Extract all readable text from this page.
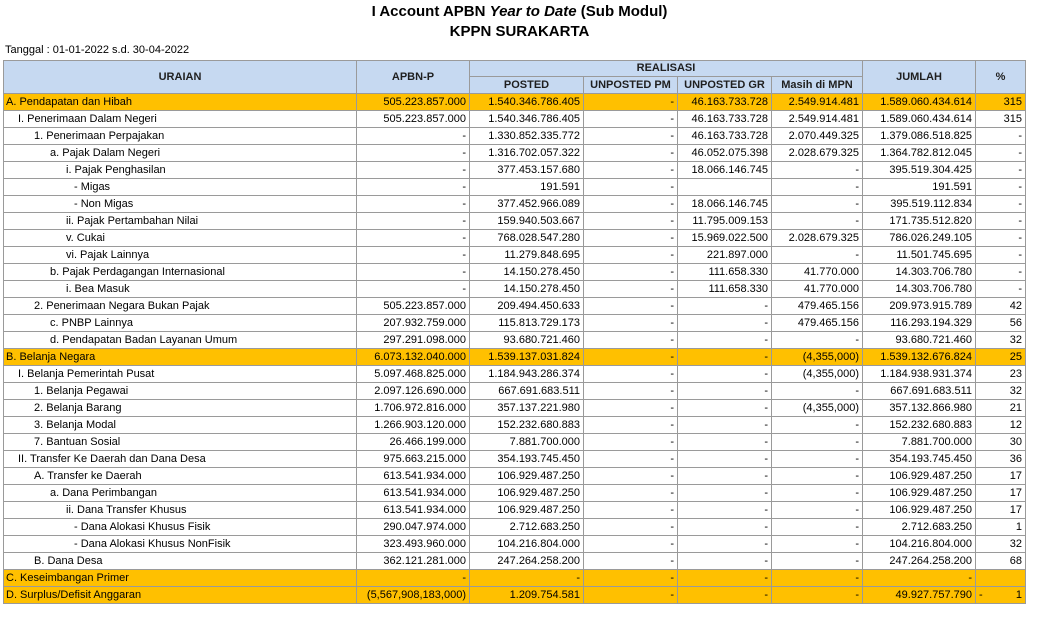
I Account APBN Year to Date (Sub Modul)
KPPN SURAKARTA
Tanggal : 01-01-2022 s.d. 30-04-2022
URAIAN	APBN-P	REALISASI				JUMLAH	%
		POSTED	UNPOSTED PM	UNPOSTED GR	Masih di MPN		
A. Pendapatan dan Hibah	505.223.857.000	1.540.346.786.405	-	46.163.733.728	2.549.914.481	1.589.060.434.614	315
I. Penerimaan Dalam Negeri	505.223.857.000	1.540.346.786.405	-	46.163.733.728	2.549.914.481	1.589.060.434.614	315
1. Penerimaan Perpajakan	-	1.330.852.335.772	-	46.163.733.728	2.070.449.325	1.379.086.518.825	-
a. Pajak Dalam Negeri	-	1.316.702.057.322	-	46.052.075.398	2.028.679.325	1.364.782.812.045	-
i. Pajak Penghasilan	-	377.453.157.680	-	18.066.146.745	-	395.519.304.425	-
- Migas	-	191.591	-		-	191.591	-
- Non Migas	-	377.452.966.089	-	18.066.146.745	-	395.519.112.834	-
ii. Pajak Pertambahan Nilai	-	159.940.503.667	-	11.795.009.153	-	171.735.512.820	-
v. Cukai	-	768.028.547.280	-	15.969.022.500	2.028.679.325	786.026.249.105	-
vi. Pajak Lainnya	-	11.279.848.695	-	221.897.000	-	11.501.745.695	-
b. Pajak Perdagangan Internasional	-	14.150.278.450	-	111.658.330	41.770.000	14.303.706.780	-
i. Bea Masuk	-	14.150.278.450	-	111.658.330	41.770.000	14.303.706.780	-
2. Penerimaan Negara Bukan Pajak	505.223.857.000	209.494.450.633	-	-	479.465.156	209.973.915.789	42
c. PNBP Lainnya	207.932.759.000	115.813.729.173	-	-	479.465.156	116.293.194.329	56
d. Pendapatan Badan Layanan Umum	297.291.098.000	93.680.721.460	-	-	-	93.680.721.460	32
B. Belanja Negara	6.073.132.040.000	1.539.137.031.824	-	-	(4,355,000)	1.539.132.676.824	25
I. Belanja Pemerintah Pusat	5.097.468.825.000	1.184.943.286.374	-	-	(4,355,000)	1.184.938.931.374	23
1. Belanja Pegawai	2.097.126.690.000	667.691.683.511	-	-	-	667.691.683.511	32
2. Belanja Barang	1.706.972.816.000	357.137.221.980	-	-	(4,355,000)	357.132.866.980	21
3. Belanja Modal	1.266.903.120.000	152.232.680.883	-	-	-	152.232.680.883	12
7. Bantuan Sosial	26.466.199.000	7.881.700.000	-	-	-	7.881.700.000	30
II. Transfer Ke Daerah dan Dana Desa	975.663.215.000	354.193.745.450	-	-	-	354.193.745.450	36
A. Transfer ke Daerah	613.541.934.000	106.929.487.250	-	-	-	106.929.487.250	17
a. Dana Perimbangan	613.541.934.000	106.929.487.250	-	-	-	106.929.487.250	17
ii. Dana Transfer Khusus	613.541.934.000	106.929.487.250	-	-	-	106.929.487.250	17
- Dana Alokasi Khusus Fisik	290.047.974.000	2.712.683.250	-	-	-	2.712.683.250	1
- Dana Alokasi Khusus NonFisik	323.493.960.000	104.216.804.000	-	-	-	104.216.804.000	32
B. Dana Desa	362.121.281.000	247.264.258.200	-	-	-	247.264.258.200	68
C. Keseimbangan Primer	-	-	-	-	-	-	
D. Surplus/Defisit Anggaran	(5,567,908,183,000)	1.209.754.581	-	-	-	49.927.757.790	- 1
